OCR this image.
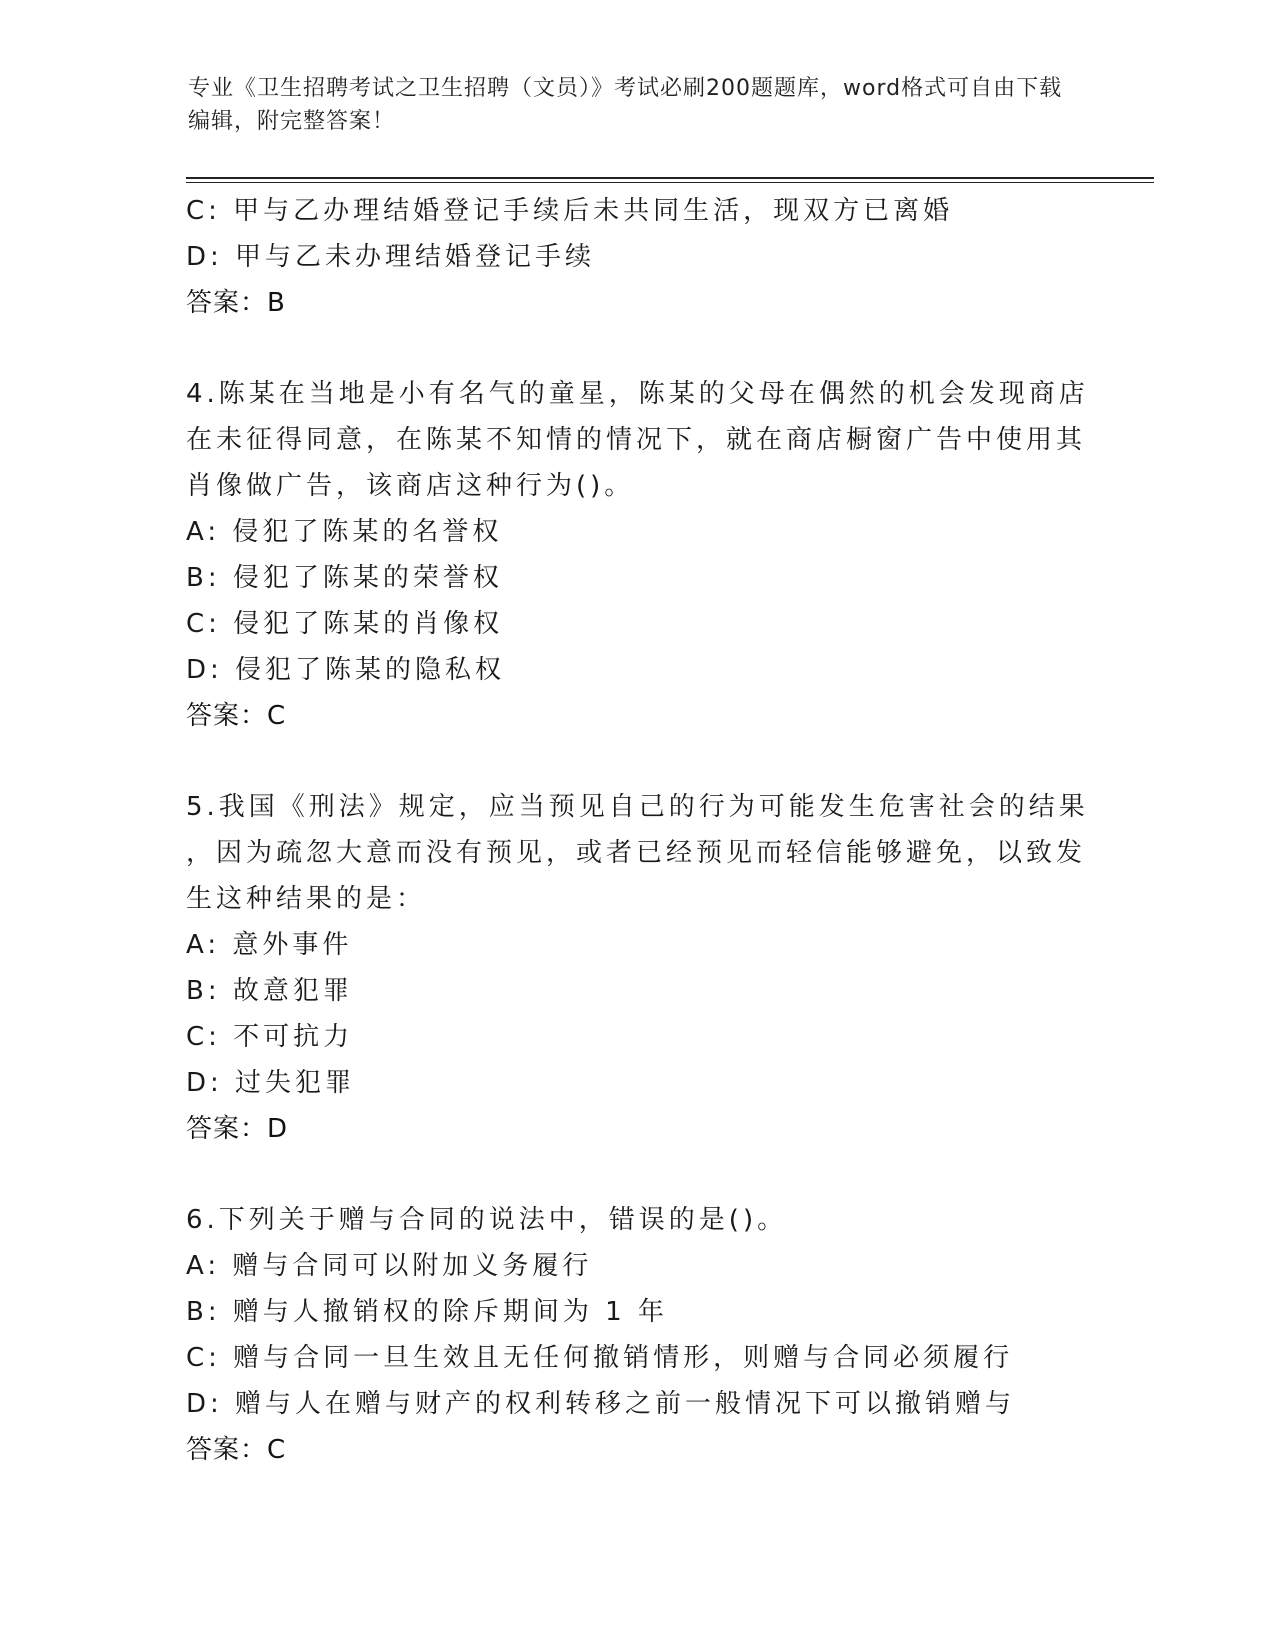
专业《卫生招聘考试之卫生招聘（文员）》考试必刷200题题库，word格式可自由下载编辑，附完整答案！
C: 甲与乙办理结婚登记手续后未共同生活，现双方已离婚
D: 甲与乙未办理结婚登记手续
答案：B
4.陈某在当地是小有名气的童星，陈某的父母在偶然的机会发现商店
在未征得同意，在陈某不知情的情况下，就在商店橱窗广告中使用其
肖像做广告，该商店这种行为()。
A: 侵犯了陈某的名誉权
B: 侵犯了陈某的荣誉权
C: 侵犯了陈某的肖像权
D: 侵犯了陈某的隐私权
答案：C
5.我国《刑法》规定，应当预见自己的行为可能发生危害社会的结果
，因为疏忽大意而没有预见，或者已经预见而轻信能够避免，以致发
生这种结果的是：
A: 意外事件
B: 故意犯罪
C: 不可抗力
D: 过失犯罪
答案：D
6.下列关于赠与合同的说法中，错误的是()。
A: 赠与合同可以附加义务履行
B: 赠与人撤销权的除斥期间为 1 年
C: 赠与合同一旦生效且无任何撤销情形，则赠与合同必须履行
D: 赠与人在赠与财产的权利转移之前一般情况下可以撤销赠与
答案：C
